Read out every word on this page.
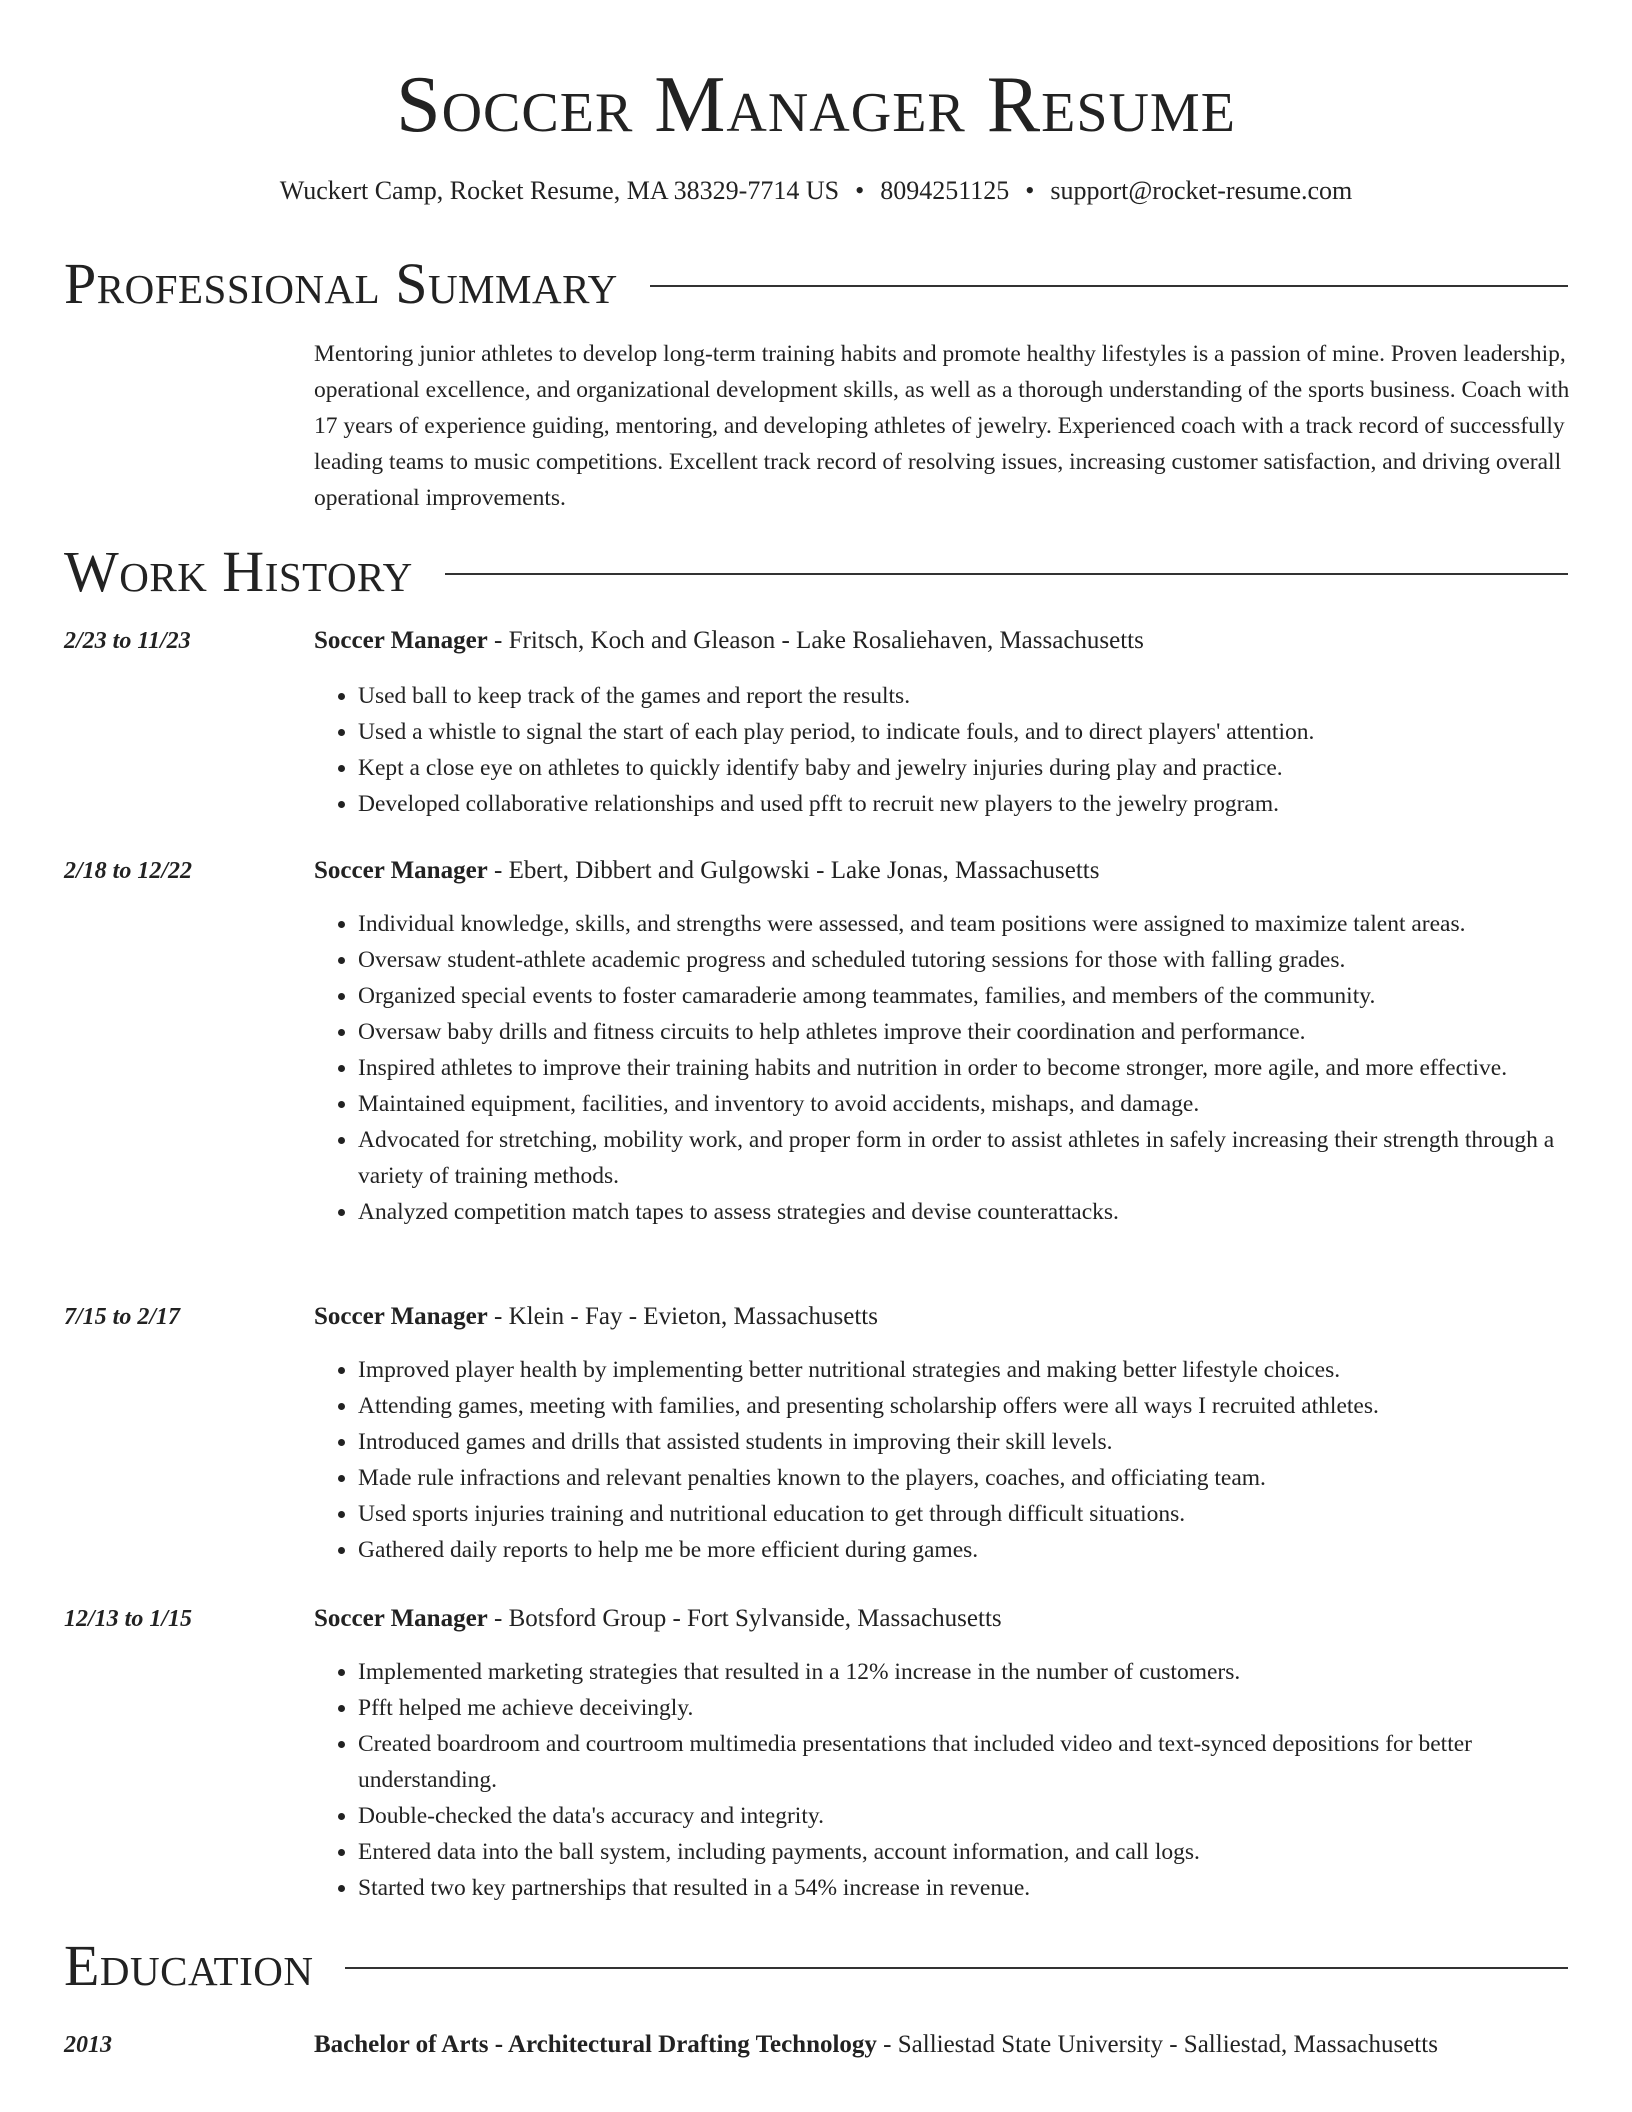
Soccer Manager Resume
Wuckert Camp, Rocket Resume, MA 38329-7714 US • 8094251125 • support@rocket-resume.com
Professional Summary
Mentoring junior athletes to develop long-term training habits and promote healthy lifestyles is a passion of mine. Proven leadership, operational excellence, and organizational development skills, as well as a thorough understanding of the sports business. Coach with 17 years of experience guiding, mentoring, and developing athletes of jewelry. Experienced coach with a track record of successfully leading teams to music competitions. Excellent track record of resolving issues, increasing customer satisfaction, and driving overall operational improvements.
Work History
2/23 to 11/23	Soccer Manager - Fritsch, Koch and Gleason - Lake Rosaliehaven, Massachusetts
• Used ball to keep track of the games and report the results.
• Used a whistle to signal the start of each play period, to indicate fouls, and to direct players' attention.
• Kept a close eye on athletes to quickly identify baby and jewelry injuries during play and practice.
• Developed collaborative relationships and used pfft to recruit new players to the jewelry program.
2/18 to 12/22	Soccer Manager - Ebert, Dibbert and Gulgowski - Lake Jonas, Massachusetts
• Individual knowledge, skills, and strengths were assessed, and team positions were assigned to maximize talent areas.
• Oversaw student-athlete academic progress and scheduled tutoring sessions for those with falling grades.
• Organized special events to foster camaraderie among teammates, families, and members of the community.
• Oversaw baby drills and fitness circuits to help athletes improve their coordination and performance.
• Inspired athletes to improve their training habits and nutrition in order to become stronger, more agile, and more effective.
• Maintained equipment, facilities, and inventory to avoid accidents, mishaps, and damage.
• Advocated for stretching, mobility work, and proper form in order to assist athletes in safely increasing their strength through a variety of training methods.
• Analyzed competition match tapes to assess strategies and devise counterattacks.
7/15 to 2/17	Soccer Manager - Klein - Fay - Evieton, Massachusetts
• Improved player health by implementing better nutritional strategies and making better lifestyle choices.
• Attending games, meeting with families, and presenting scholarship offers were all ways I recruited athletes.
• Introduced games and drills that assisted students in improving their skill levels.
• Made rule infractions and relevant penalties known to the players, coaches, and officiating team.
• Used sports injuries training and nutritional education to get through difficult situations.
• Gathered daily reports to help me be more efficient during games.
12/13 to 1/15	Soccer Manager - Botsford Group - Fort Sylvanside, Massachusetts
• Implemented marketing strategies that resulted in a 12% increase in the number of customers.
• Pfft helped me achieve deceivingly.
• Created boardroom and courtroom multimedia presentations that included video and text-synced depositions for better understanding.
• Double-checked the data's accuracy and integrity.
• Entered data into the ball system, including payments, account information, and call logs.
• Started two key partnerships that resulted in a 54% increase in revenue.
Education
2013	Bachelor of Arts - Architectural Drafting Technology - Salliestad State University - Salliestad, Massachusetts
